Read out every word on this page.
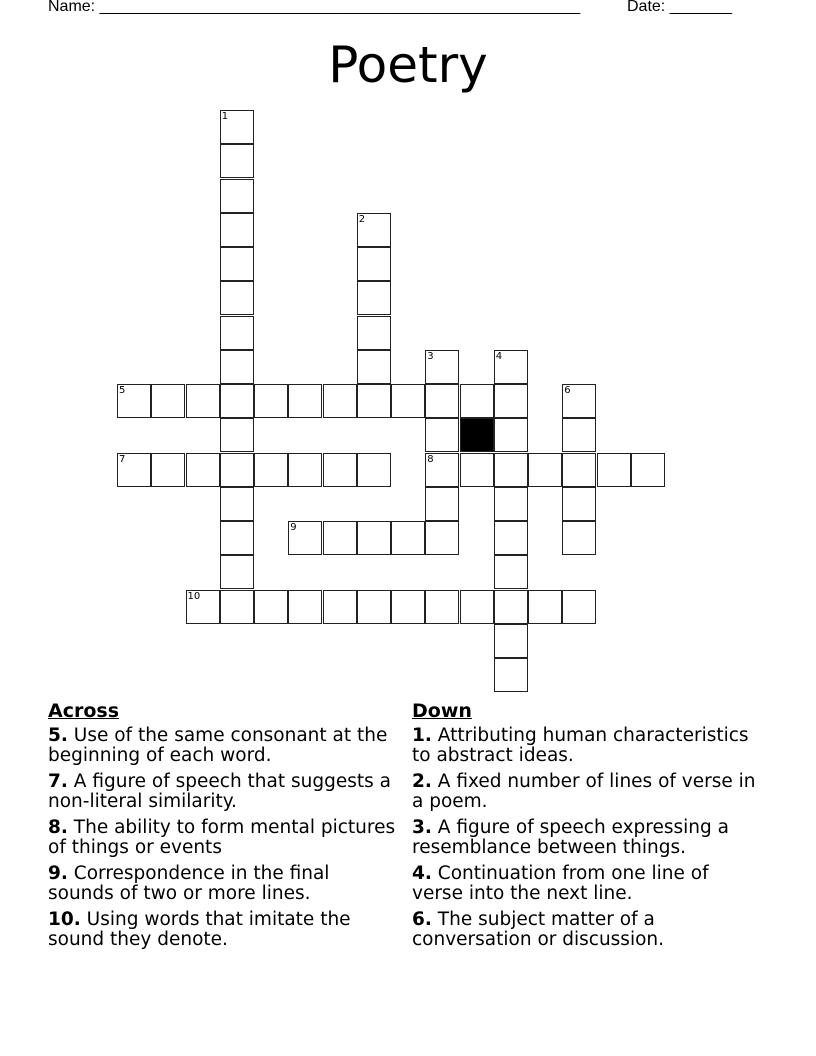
Name: ______________________________________________________	Date: _______
Poetry
1
2
3
8
4
5	6
7
9
10
Across
5. Use of the same consonant at the beginning of each word.
7. A figure of speech that suggests a non-literal similarity.
8. The ability to form mental pictures of things or events
9. Correspondence in the final sounds of two or more lines.
10. Using words that imitate the sound they denote.
Down
1. Attributing human characteristics to abstract ideas.
2. A fixed number of lines of verse in a poem.
3. A figure of speech expressing a resemblance between things.
4. Continuation from one line of verse into the next line.
6. The subject matter of a conversation or discussion.
